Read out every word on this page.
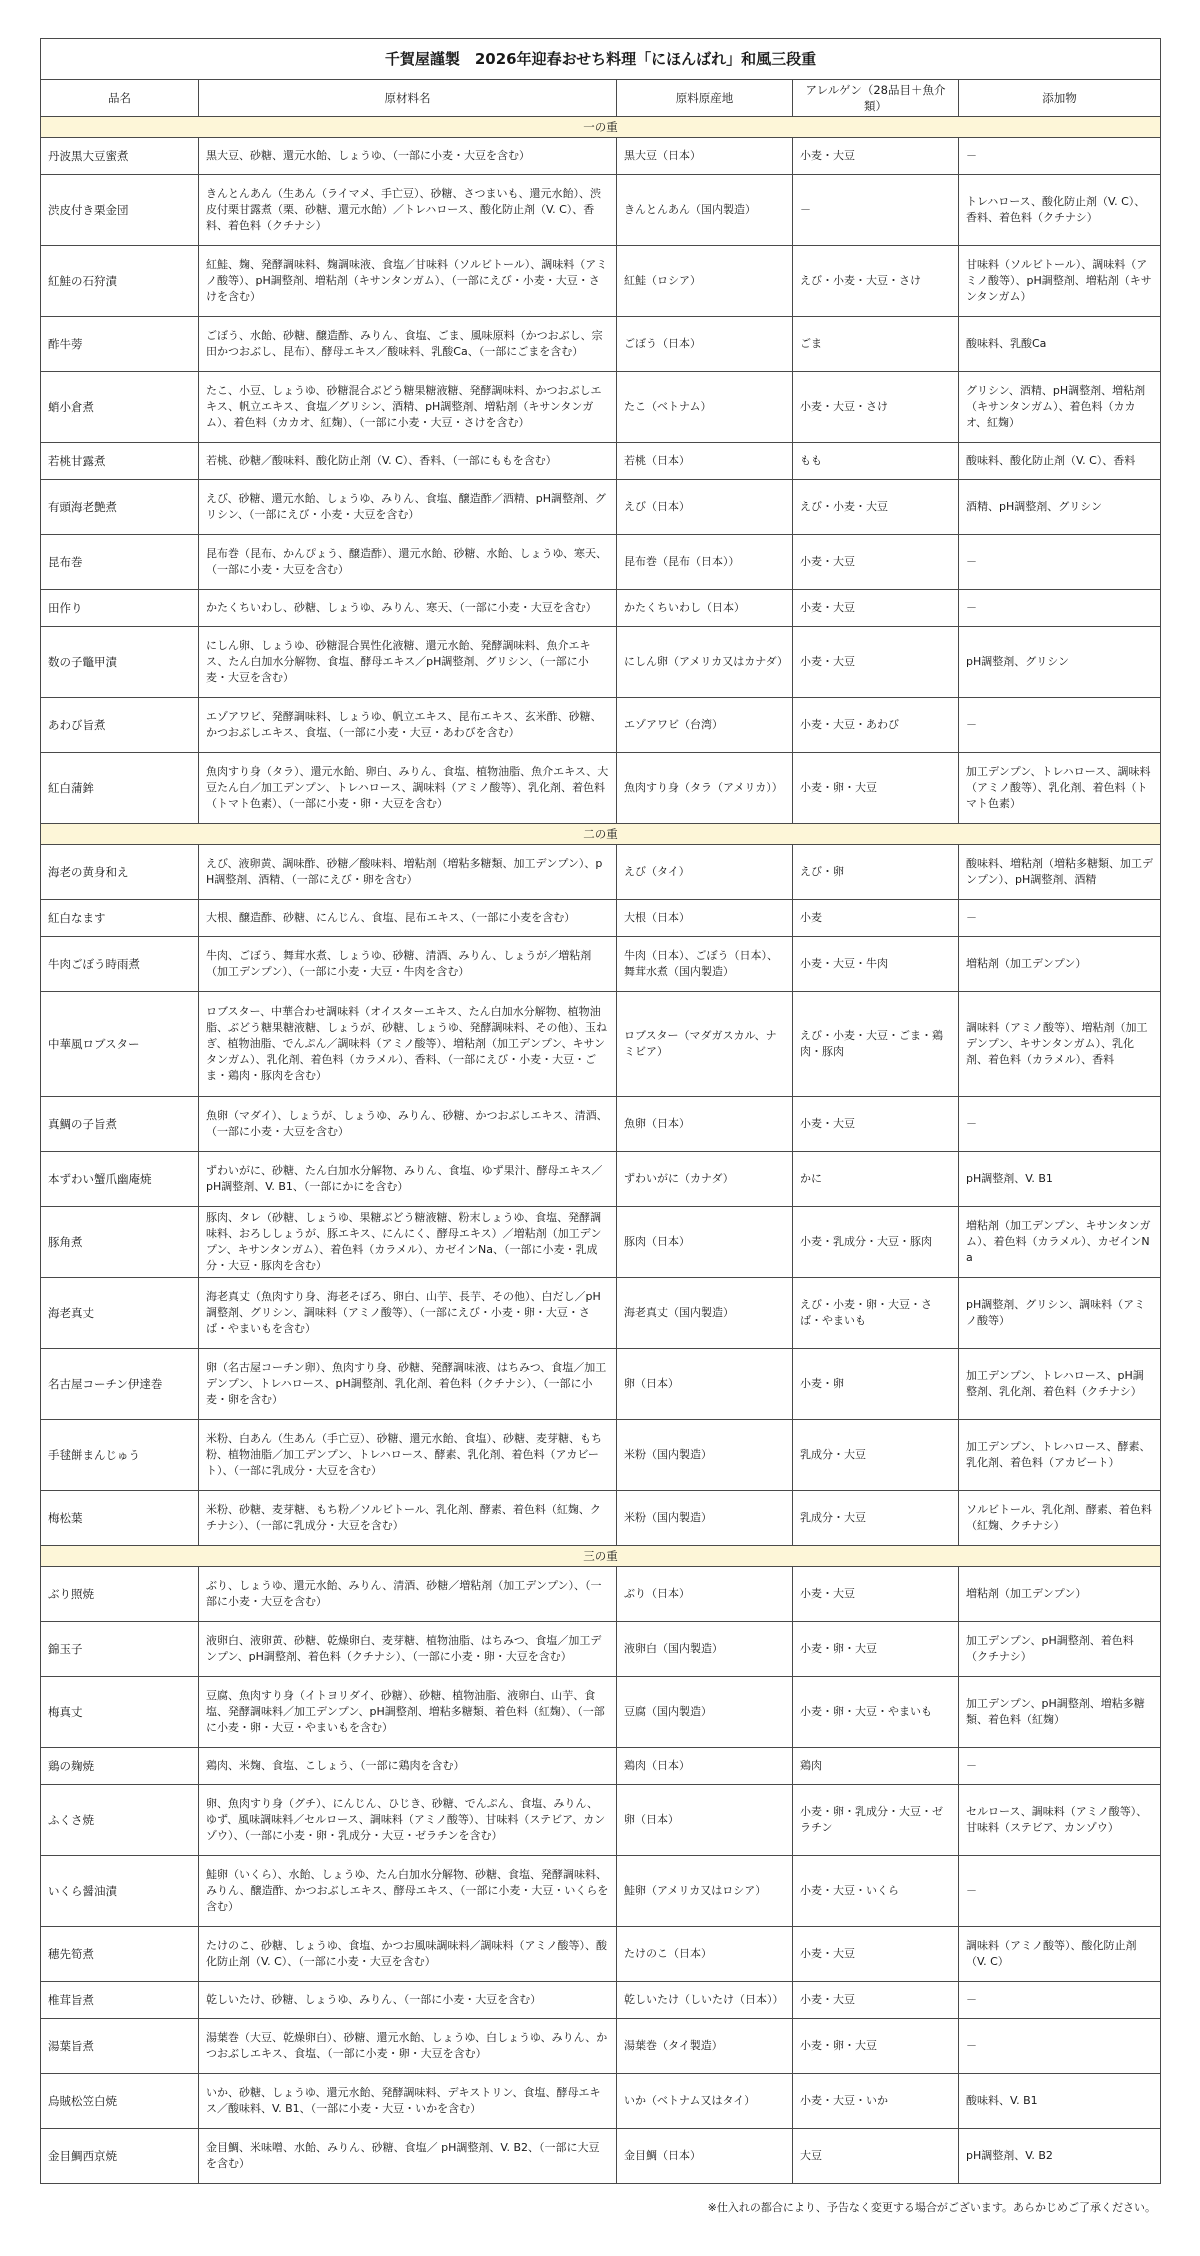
千賀屋謹製　2026年迎春おせち料理「にほんばれ」和風三段重				
品名	原材料名	原料原産地	アレルゲン（28品目＋魚介類）	添加物
一の重				
丹波黒大豆蜜煮	黒大豆、砂糖、還元水飴、しょうゆ、（一部に小麦・大豆を含む）	黒大豆（日本）	小麦・大豆	－
渋皮付き栗金団	きんとんあん（生あん（ライマメ、手亡豆）、砂糖、さつまいも、還元水飴）、渋皮付栗甘露煮（栗、砂糖、還元水飴）／トレハロース、酸化防止剤（V. C）、香料、着色料（クチナシ）	きんとんあん（国内製造）	－	トレハロース、酸化防止剤（V. C）、香料、着色料（クチナシ）
紅鮭の石狩漬	紅鮭、麹、発酵調味料、麹調味液、食塩／甘味料（ソルビトール）、調味料（アミノ酸等）、pH調整剤、増粘剤（キサンタンガム）、（一部にえび・小麦・大豆・さけを含む）	紅鮭（ロシア）	えび・小麦・大豆・さけ	甘味料（ソルビトール）、調味料（アミノ酸等）、pH調整剤、増粘剤（キサンタンガム）
酢牛蒡	ごぼう、水飴、砂糖、醸造酢、みりん、食塩、ごま、風味原料（かつおぶし、宗田かつおぶし、昆布）、酵母エキス／酸味料、乳酸Ca、（一部にごまを含む）	ごぼう（日本）	ごま	酸味料、乳酸Ca
蛸小倉煮	たこ、小豆、しょうゆ、砂糖混合ぶどう糖果糖液糖、発酵調味料、かつおぶしエキス、帆立エキス、食塩／グリシン、酒精、pH調整剤、増粘剤（キサンタンガム）、着色料（カカオ、紅麹）、（一部に小麦・大豆・さけを含む）	たこ（ベトナム）	小麦・大豆・さけ	グリシン、酒精、pH調整剤、増粘剤（キサンタンガム）、着色料（カカオ、紅麹）
若桃甘露煮	若桃、砂糖／酸味料、酸化防止剤（V. C）、香料、（一部にももを含む）	若桃（日本）	もも	酸味料、酸化防止剤（V. C）、香料
有頭海老艶煮	えび、砂糖、還元水飴、しょうゆ、みりん、食塩、醸造酢／酒精、pH調整剤、グリシン、（一部にえび・小麦・大豆を含む）	えび（日本）	えび・小麦・大豆	酒精、pH調整剤、グリシン
昆布巻	昆布巻（昆布、かんぴょう、醸造酢）、還元水飴、砂糖、水飴、しょうゆ、寒天、（一部に小麦・大豆を含む）	昆布巻（昆布（日本））	小麦・大豆	－
田作り	かたくちいわし、砂糖、しょうゆ、みりん、寒天、（一部に小麦・大豆を含む）	かたくちいわし（日本）	小麦・大豆	－
数の子鼈甲漬	にしん卵、しょうゆ、砂糖混合異性化液糖、還元水飴、発酵調味料、魚介エキス、たん白加水分解物、食塩、酵母エキス／pH調整剤、グリシン、（一部に小麦・大豆を含む）	にしん卵（アメリカ又はカナダ）	小麦・大豆	pH調整剤、グリシン
あわび旨煮	エゾアワビ、発酵調味料、しょうゆ、帆立エキス、昆布エキス、玄米酢、砂糖、かつおぶしエキス、食塩、（一部に小麦・大豆・あわびを含む）	エゾアワビ（台湾）	小麦・大豆・あわび	－
紅白蒲鉾	魚肉すり身（タラ）、還元水飴、卵白、みりん、食塩、植物油脂、魚介エキス、大豆たん白／加工デンプン、トレハロース、調味料（アミノ酸等）、乳化剤、着色料（トマト色素）、（一部に小麦・卵・大豆を含む）	魚肉すり身（タラ（アメリカ））	小麦・卵・大豆	加工デンプン、トレハロース、調味料（アミノ酸等）、乳化剤、着色料（トマト色素）
二の重				
海老の黄身和え	えび、液卵黄、調味酢、砂糖／酸味料、増粘剤（増粘多糖類、加工デンプン）、pH調整剤、酒精、（一部にえび・卵を含む）	えび（タイ）	えび・卵	酸味料、増粘剤（増粘多糖類、加工デンプン）、pH調整剤、酒精
紅白なます	大根、醸造酢、砂糖、にんじん、食塩、昆布エキス、（一部に小麦を含む）	大根（日本）	小麦	－
牛肉ごぼう時雨煮	牛肉、ごぼう、舞茸水煮、しょうゆ、砂糖、清酒、みりん、しょうが／増粘剤（加工デンプン）、（一部に小麦・大豆・牛肉を含む）	牛肉（日本）、ごぼう（日本）、舞茸水煮（国内製造）	小麦・大豆・牛肉	増粘剤（加工デンプン）
中華風ロブスター	ロブスター、中華合わせ調味料（オイスターエキス、たん白加水分解物、植物油脂、ぶどう糖果糖液糖、しょうが、砂糖、しょうゆ、発酵調味料、その他）、玉ねぎ、植物油脂、でんぷん／調味料（アミノ酸等）、増粘剤（加工デンプン、キサンタンガム）、乳化剤、着色料（カラメル）、香料、（一部にえび・小麦・大豆・ごま・鶏肉・豚肉を含む）	ロブスター（マダガスカル、ナミビア）	えび・小麦・大豆・ごま・鶏肉・豚肉	調味料（アミノ酸等）、増粘剤（加工デンプン、キサンタンガム）、乳化剤、着色料（カラメル）、香料
真鯛の子旨煮	魚卵（マダイ）、しょうが、しょうゆ、みりん、砂糖、かつおぶしエキス、清酒、（一部に小麦・大豆を含む）	魚卵（日本）	小麦・大豆	－
本ずわい蟹爪幽庵焼	ずわいがに、砂糖、たん白加水分解物、みりん、食塩、ゆず果汁、酵母エキス／pH調整剤、V. B1、（一部にかにを含む）	ずわいがに（カナダ）	かに	pH調整剤、V. B1
豚角煮	豚肉、タレ（砂糖、しょうゆ、果糖ぶどう糖液糖、粉末しょうゆ、食塩、発酵調味料、おろししょうが、豚エキス、にんにく、酵母エキス）／増粘剤（加工デンプン、キサンタンガム）、着色料（カラメル）、カゼインNa、（一部に小麦・乳成分・大豆・豚肉を含む）	豚肉（日本）	小麦・乳成分・大豆・豚肉	増粘剤（加工デンプン、キサンタンガム）、着色料（カラメル）、カゼインNa
海老真丈	海老真丈（魚肉すり身、海老そぼろ、卵白、山芋、長芋、その他）、白だし／pH調整剤、グリシン、調味料（アミノ酸等）、（一部にえび・小麦・卵・大豆・さば・やまいもを含む）	海老真丈（国内製造）	えび・小麦・卵・大豆・さば・やまいも	pH調整剤、グリシン、調味料（アミノ酸等）
名古屋コーチン伊達巻	卵（名古屋コーチン卵）、魚肉すり身、砂糖、発酵調味液、はちみつ、食塩／加工デンプン、トレハロース、pH調整剤、乳化剤、着色料（クチナシ）、（一部に小麦・卵を含む）	卵（日本）	小麦・卵	加工デンプン、トレハロース、pH調整剤、乳化剤、着色料（クチナシ）
手毬餅まんじゅう	米粉、白あん（生あん（手亡豆）、砂糖、還元水飴、食塩）、砂糖、麦芽糖、もち粉、植物油脂／加工デンプン、トレハロース、酵素、乳化剤、着色料（アカビート）、（一部に乳成分・大豆を含む）	米粉（国内製造）	乳成分・大豆	加工デンプン、トレハロース、酵素、乳化剤、着色料（アカビート）
梅松葉	米粉、砂糖、麦芽糖、もち粉／ソルビトール、乳化剤、酵素、着色料（紅麹、クチナシ）、（一部に乳成分・大豆を含む）	米粉（国内製造）	乳成分・大豆	ソルビトール、乳化剤、酵素、着色料（紅麹、クチナシ）
三の重				
ぶり照焼	ぶり、しょうゆ、還元水飴、みりん、清酒、砂糖／増粘剤（加工デンプン）、（一部に小麦・大豆を含む）	ぶり（日本）	小麦・大豆	増粘剤（加工デンプン）
錦玉子	液卵白、液卵黄、砂糖、乾燥卵白、麦芽糖、植物油脂、はちみつ、食塩／加工デンプン、pH調整剤、着色料（クチナシ）、（一部に小麦・卵・大豆を含む）	液卵白（国内製造）	小麦・卵・大豆	加工デンプン、pH調整剤、着色料（クチナシ）
梅真丈	豆腐、魚肉すり身（イトヨリダイ、砂糖）、砂糖、植物油脂、液卵白、山芋、食塩、発酵調味料／加工デンプン、pH調整剤、増粘多糖類、着色料（紅麹）、（一部に小麦・卵・大豆・やまいもを含む）	豆腐（国内製造）	小麦・卵・大豆・やまいも	加工デンプン、pH調整剤、増粘多糖類、着色料（紅麹）
鶏の麹焼	鶏肉、米麹、食塩、こしょう、（一部に鶏肉を含む）	鶏肉（日本）	鶏肉	－
ふくさ焼	卵、魚肉すり身（グチ）、にんじん、ひじき、砂糖、でんぷん、食塩、みりん、ゆず、風味調味料／セルロース、調味料（アミノ酸等）、甘味料（ステビア、カンゾウ）、（一部に小麦・卵・乳成分・大豆・ゼラチンを含む）	卵（日本）	小麦・卵・乳成分・大豆・ゼラチン	セルロース、調味料（アミノ酸等）、甘味料（ステビア、カンゾウ）
いくら醤油漬	鮭卵（いくら）、水飴、しょうゆ、たん白加水分解物、砂糖、食塩、発酵調味料、みりん、醸造酢、かつおぶしエキス、酵母エキス、（一部に小麦・大豆・いくらを含む）	鮭卵（アメリカ又はロシア）	小麦・大豆・いくら	－
穂先筍煮	たけのこ、砂糖、しょうゆ、食塩、かつお風味調味料／調味料（アミノ酸等）、酸化防止剤（V. C）、（一部に小麦・大豆を含む）	たけのこ（日本）	小麦・大豆	調味料（アミノ酸等）、酸化防止剤（V. C）
椎茸旨煮	乾しいたけ、砂糖、しょうゆ、みりん、（一部に小麦・大豆を含む）	乾しいたけ（しいたけ（日本））	小麦・大豆	－
湯葉旨煮	湯葉巻（大豆、乾燥卵白）、砂糖、還元水飴、しょうゆ、白しょうゆ、みりん、かつおぶしエキス、食塩、（一部に小麦・卵・大豆を含む）	湯葉巻（タイ製造）	小麦・卵・大豆	－
烏賊松笠白焼	いか、砂糖、しょうゆ、還元水飴、発酵調味料、デキストリン、食塩、酵母エキス／酸味料、V. B1、（一部に小麦・大豆・いかを含む）	いか（ベトナム又はタイ）	小麦・大豆・いか	酸味料、V. B1
金目鯛西京焼	金目鯛、米味噌、水飴、みりん、砂糖、食塩／ pH調整剤、V. B2、（一部に大豆を含む）	金目鯛（日本）	大豆	pH調整剤、V. B2
※仕入れの都合により、予告なく変更する場合がございます。あらかじめご了承ください。
